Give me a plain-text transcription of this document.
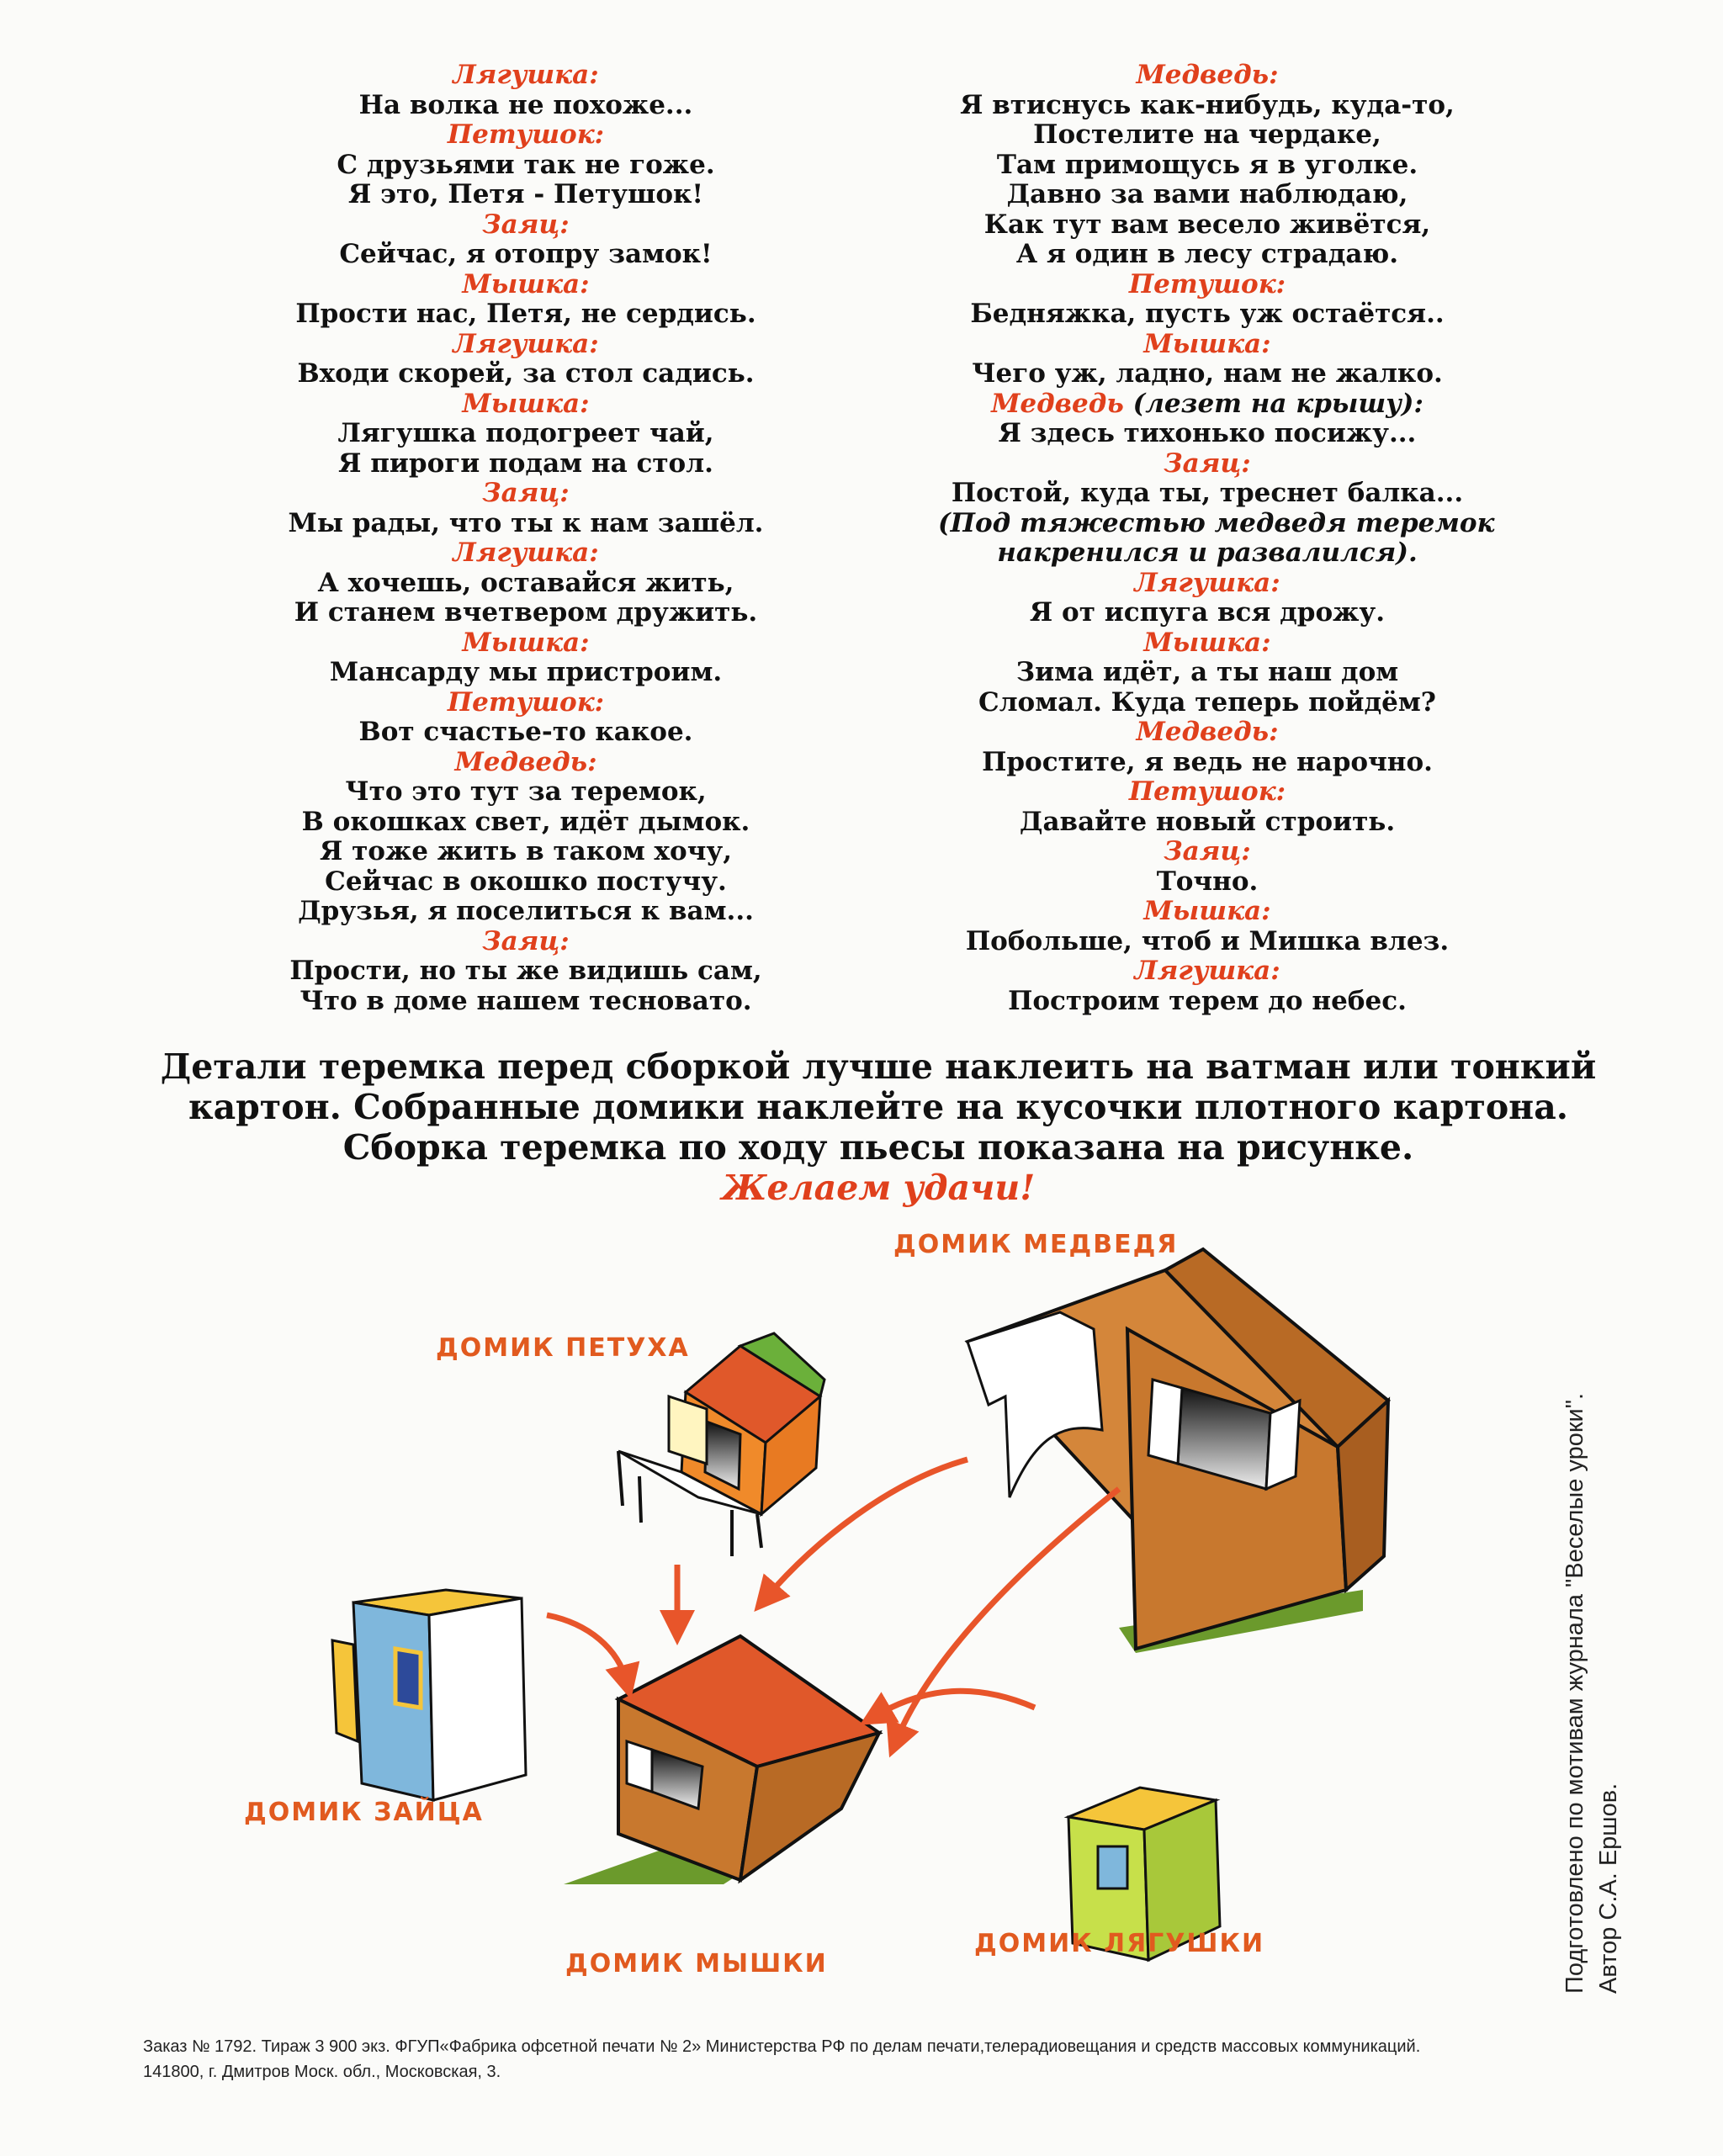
Лягушка:
На волка не похоже...
Петушок:
С друзьями так не гоже.
Я это, Петя - Петушок!
Заяц:
Сейчас, я отопру замок!
Мышка:
Прости нас, Петя, не сердись.
Лягушка:
Входи скорей, за стол садись.
Мышка:
Лягушка подогреет чай,
Я пироги подам на стол.
Заяц:
Мы рады, что ты к нам зашёл.
Лягушка:
А хочешь, оставайся жить,
И станем вчетвером дружить.
Мышка:
Мансарду мы пристроим.
Петушок:
Вот счастье-то какое.
Медведь:
Что это тут за теремок,
В окошках свет, идёт дымок.
Я тоже жить в таком хочу,
Сейчас в окошко постучу.
Друзья, я поселиться к вам...
Заяц:
Прости, но ты же видишь сам,
Что в доме нашем тесновато.
Медведь:
Я втиснусь как-нибудь, куда-то,
Постелите на чердаке,
Там примощусь я в уголке.
Давно за вами наблюдаю,
Как тут вам весело живётся,
А я один в лесу страдаю.
Петушок:
Бедняжка, пусть уж остаётся..
Мышка:
Чего уж, ладно, нам не жалко.
Медведь (лезет на крышу):
Я здесь тихонько посижу...
Заяц:
Постой, куда ты, треснет балка...
(Под тяжестью медведя теремок
накренился и развалился).
Лягушка:
Я от испуга вся дрожу.
Мышка:
Зима идёт, а ты наш дом
Сломал. Куда теперь пойдём?
Медведь:
Простите, я ведь не нарочно.
Петушок:
Давайте новый строить.
Заяц:
Точно.
Мышка:
Побольше, чтоб и Мишка влез.
Лягушка:
Построим терем до небес.
Детали теремка перед сборкой лучше наклеить на ватман или тонкий
картон. Собранные домики наклейте на кусочки плотного картона.
Сборка теремка по ходу пьесы показана на рисунке.
Желаем удачи!
ДОМИК МЕДВЕДЯ
ДОМИК ПЕТУХА
ДОМИК ЗАЙЦА
ДОМИК МЫШКИ
ДОМИК ЛЯГУШКИ	Подготовлено по мотивам журнала "Веселые уроки". Автор С.А. Ершов.
Заказ № 1792. Тираж 3 900 экз. ФГУП«Фабрика офсетной печати № 2» Министерства РФ по делам печати,телерадиовещания и средств массовых коммуникаций.
141800, г. Дмитров Моск. обл., Московская, 3.
